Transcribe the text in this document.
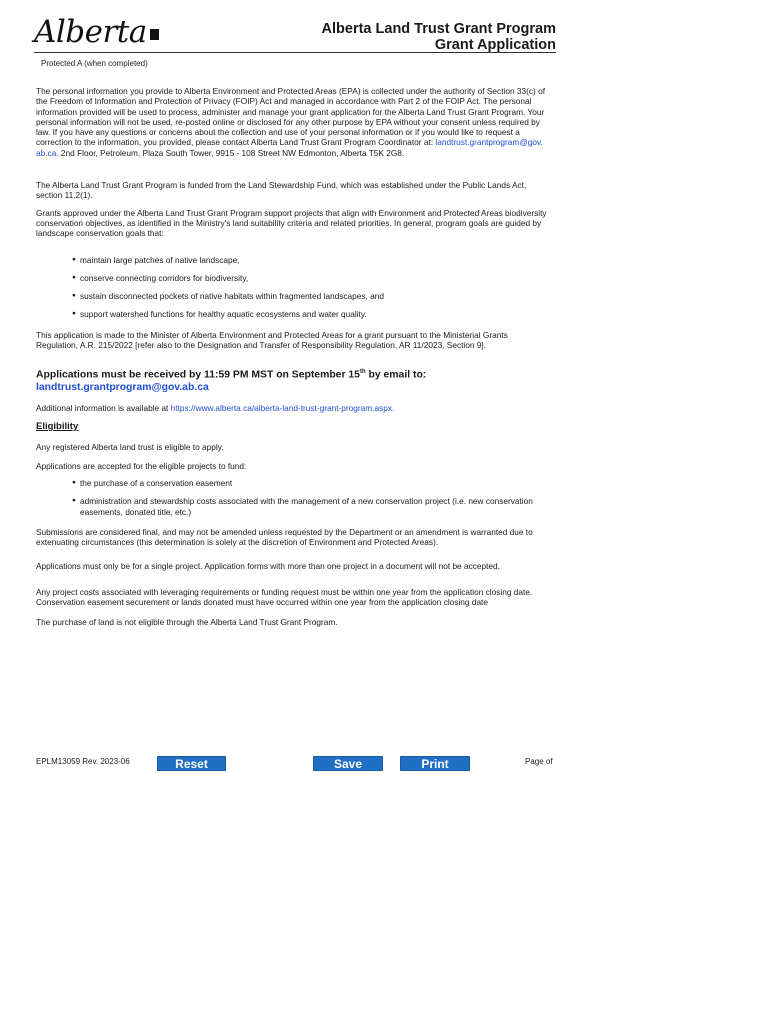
Alberta	Alberta Land Trust Grant Program
Grant Application
Protected A (when completed)

The personal information you provide to Alberta Environment and Protected Areas (EPA) is collected under the authority of Section 33(c) of the Freedom of Information and Protection of Privacy (FOIP) Act and managed in accordance with Part 2 of the FOIP Act. The personal information provided will be used to process, administer and manage your grant application for the Alberta Land Trust Grant Program. Your personal information will not be used, re-posted online or disclosed for any other purpose by EPA without your consent unless required by law. If you have any questions or concerns about the collection and use of your personal information or if you would like to request a correction to the information, you provided, please contact Alberta Land Trust Grant Program Coordinator at: landtrust.grantprogram@gov. ab.ca. 2nd Floor, Petroleum, Plaza South Tower, 9915 - 108 Street NW Edmonton, Alberta T5K 2G8.

The Alberta Land Trust Grant Program is funded from the Land Stewardship Fund, which was established under the Public Lands Act, section 11.2(1).

Grants approved under the Alberta Land Trust Grant Program support projects that align with Environment and Protected Areas biodiversity conservation objectives, as identified in the Ministry's land suitability criteria and related priorities. In general, program goals are guided by landscape conservation goals that:

● maintain large patches of native landscape,
● conserve connecting corridors for biodiversity,
● sustain disconnected pockets of native habitats within fragmented landscapes, and
● support watershed functions for healthy aquatic ecosystems and water quality.

This application is made to the Minister of Alberta Environment and Protected Areas for a grant pursuant to the Ministerial Grants Regulation, A.R. 215/2022 [refer also to the Designation and Transfer of Responsibility Regulation, AR 11/2023, Section 9].

Applications must be received by 11:59 PM MST on September 15th by email to: landtrust.grantprogram@gov.ab.ca

Additional information is available at https://www.alberta.ca/alberta-land-trust-grant-program.aspx.

Eligibility

Any registered Alberta land trust is eligible to apply.

Applications are accepted for the eligible projects to fund:

● the purchase of a conservation easement
● administration and stewardship costs associated with the management of a new conservation project (i.e. new conservation easements, donated title, etc.)

Submissions are considered final, and may not be amended unless requested by the Department or an amendment is warranted due to extenuating circumstances (this determination is solely at the discretion of Environment and Protected Areas).

Applications must only be for a single project. Application forms with more than one project in a document will not be accepted.

Any project costs associated with leveraging requirements or funding request must be within one year from the application closing date. Conservation easement securement or lands donated must have occurred within one year from the application closing date

The purchase of land is not eligible through the Alberta Land Trust Grant Program.

EPLM13059 Rev. 2023-06	Reset	Save	Print	Page of
